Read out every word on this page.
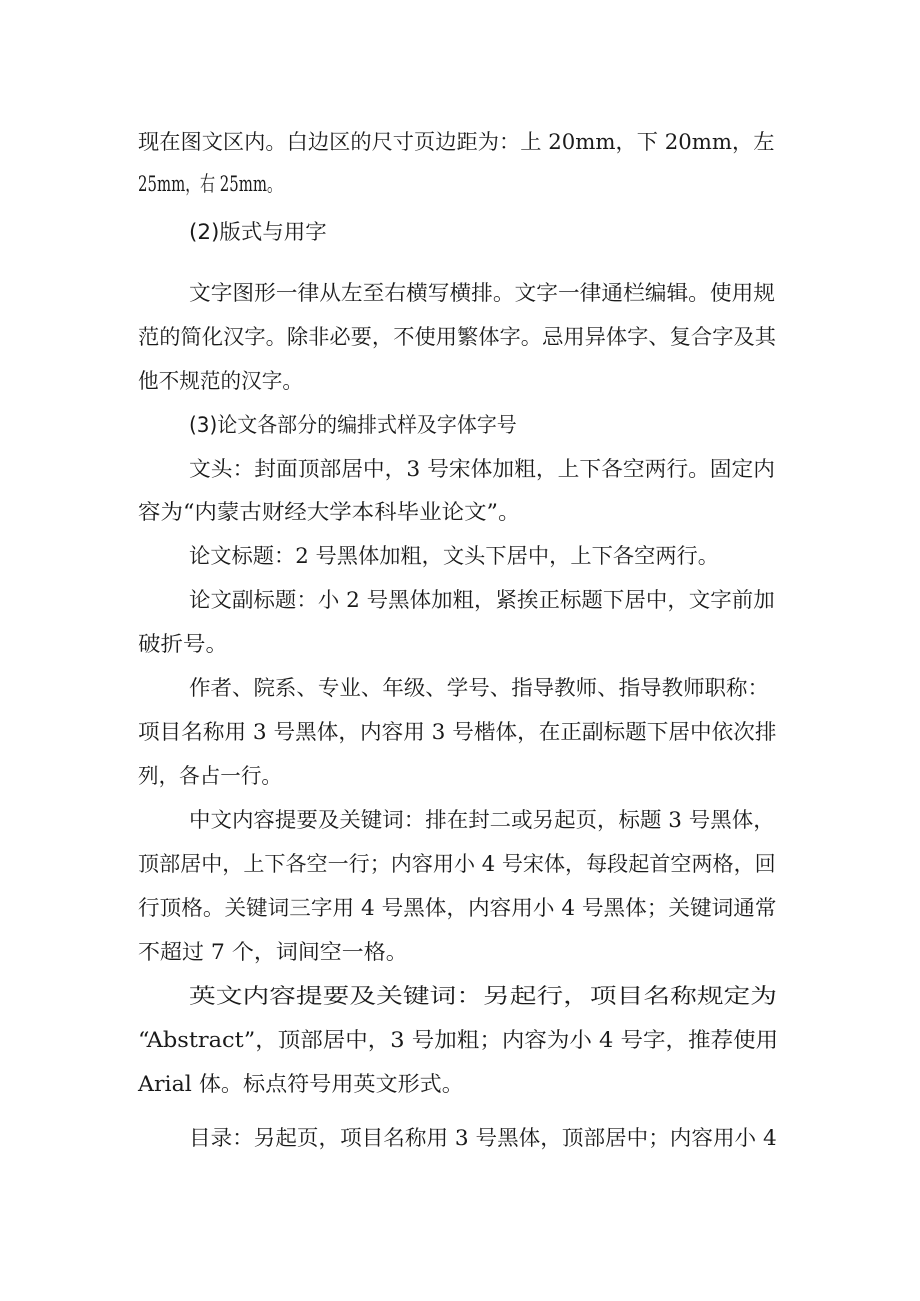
现在图文区内。白边区的尺寸页边距为：上 20mm，下 20mm，左
25mm，右 25mm。
(2)版式与用字
文字图形一律从左至右横写横排。文字一律通栏编辑。使用规
范的简化汉字。除非必要，不使用繁体字。忌用异体字、复合字及其
他不规范的汉字。
(3)论文各部分的编排式样及字体字号
文头：封面顶部居中，3 号宋体加粗，上下各空两行。固定内
容为“内蒙古财经大学本科毕业论文”。
论文标题：2 号黑体加粗，文头下居中，上下各空两行。
论文副标题：小 2 号黑体加粗，紧挨正标题下居中，文字前加
破折号。
作者、院系、专业、年级、学号、指导教师、指导教师职称：
项目名称用 3 号黑体，内容用 3 号楷体，在正副标题下居中依次排
列，各占一行。
中文内容提要及关键词：排在封二或另起页，标题 3 号黑体，
顶部居中，上下各空一行；内容用小 4 号宋体，每段起首空两格，回
行顶格。关键词三字用 4 号黑体，内容用小 4 号黑体；关键词通常
不超过 7 个，词间空一格。
英文内容提要及关键词：另起行，项目名称规定为
“Abstract”，顶部居中，3 号加粗；内容为小 4 号字，推荐使用
Arial 体。标点符号用英文形式。
目录：另起页，项目名称用 3 号黑体，顶部居中；内容用小 4
